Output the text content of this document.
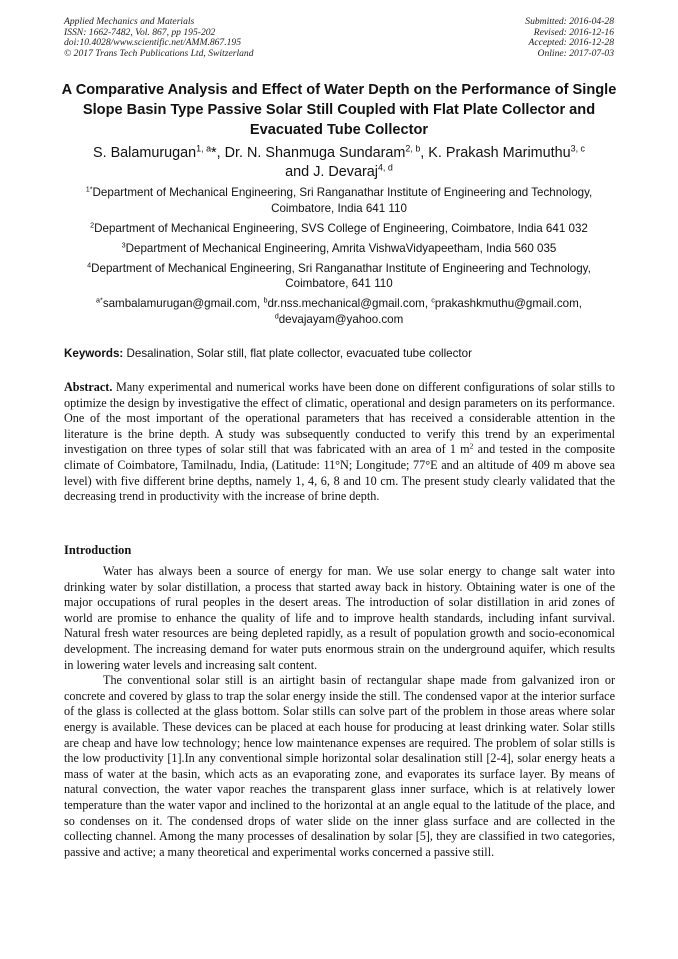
Applied Mechanics and Materials
ISSN: 1662-7482, Vol. 867, pp 195-202
doi:10.4028/www.scientific.net/AMM.867.195
© 2017 Trans Tech Publications Ltd, Switzerland
Submitted: 2016-04-28
Revised: 2016-12-16
Accepted: 2016-12-28
Online: 2017-07-03
A Comparative Analysis and Effect of Water Depth on the Performance of Single Slope Basin Type Passive Solar Still Coupled with Flat Plate Collector and Evacuated Tube Collector
S. Balamurugan$^{1, a}$*, Dr. N. Shanmuga Sundaram$^{2, b}$, K. Prakash Marimuthu$^{3, c}$
and J. Devaraj$^{4, d}$

$^{1*}$Department of Mechanical Engineering, Sri Ranganathar Institute of Engineering and Technology, Coimbatore, India 641 110

$^2$Department of Mechanical Engineering, SVS College of Engineering, Coimbatore, India 641 032

$^3$Department of Mechanical Engineering, Amrita VishwaVidyapeetham, India 560 035

$^4$Department of Mechanical Engineering, Sri Ranganathar Institute of Engineering and Technology, Coimbatore, 641 110

$^{a*}$sambalamurugan@gmail.com, $^b$dr.nss.mechanical@gmail.com, $^c$prakashkmuthu@gmail.com,
$^d$devajayam@yahoo.com

Keywords: Desalination, Solar still, flat plate collector, evacuated tube collector

Abstract. Many experimental and numerical works have been done on different configurations of solar stills to optimize the design by investigative the effect of climatic, operational and design parameters on its performance. One of the most important of the operational parameters that has received a considerable attention in the literature is the brine depth. A study was subsequently conducted to verify this trend by an experimental investigation on three types of solar still that was fabricated with an area of 1 $m^2$ and tested in the composite climate of Coimbatore, Tamilnadu, India, (Latitude: 11°N; Longitude; 77°E and an altitude of 409 m above sea level) with five different brine depths, namely 1, 4, 6, 8 and 10 cm. The present study clearly validated that the decreasing trend in productivity with the increase of brine depth.

Introduction

Water has always been a source of energy for man. We use solar energy to change salt water into drinking water by solar distillation, a process that started away back in history. Obtaining water is one of the major occupations of rural peoples in the desert areas. The introduction of solar distillation in arid zones of world are promise to enhance the quality of life and to improve health standards, including infant survival. Natural fresh water resources are being depleted rapidly, as a result of population growth and socio-economical development. The increasing demand for water puts enormous strain on the underground aquifer, which results in lowering water levels and increasing salt content.

The conventional solar still is an airtight basin of rectangular shape made from galvanized iron or concrete and covered by glass to trap the solar energy inside the still. The condensed vapor at the interior surface of the glass is collected at the glass bottom. Solar stills can solve part of the problem in those areas where solar energy is available. These devices can be placed at each house for producing at least drinking water. Solar stills are cheap and have low technology; hence low maintenance expenses are required. The problem of solar stills is the low productivity [1].In any conventional simple horizontal solar desalination still [2-4], solar energy heats a mass of water at the basin, which acts as an evaporating zone, and evaporates its surface layer. By means of natural convection, the water vapor reaches the transparent glass inner surface, which is at relatively lower temperature than the water vapor and inclined to the horizontal at an angle equal to the latitude of the place, and so condenses on it. The condensed drops of water slide on the inner glass surface and are collected in the collecting channel. Among the many processes of desalination by solar [5], they are classified in two categories, passive and active; a many theoretical and experimental works concerned a passive still.
